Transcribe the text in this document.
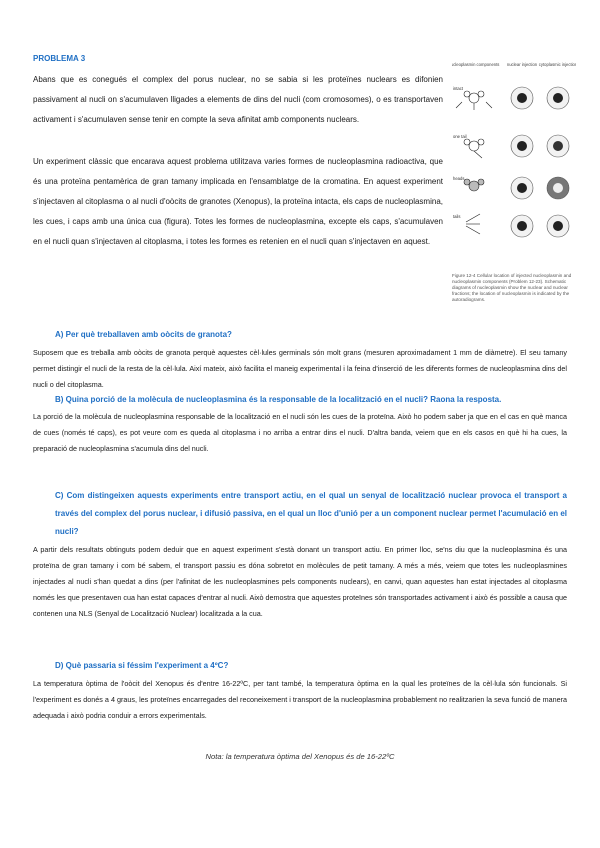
PROBLEMA 3

Abans que es conegués el complex del porus nuclear, no se sabia si les proteïnes nuclears es difonien passivament al nucli on s'acumulaven lligades a elements de dins del nucli (com cromosomes), o es transportaven activament i s'acumulaven sense tenir en compte la seva afinitat amb components nuclears.

Un experiment clàssic que encarava aquest problema utilitzava varies formes de nucleoplasmina radioactiva, que és una proteïna pentamèrica de gran tamany implicada en l'ensamblatge de la cromatina. En aquest experiment s'injectaven al citoplasma o al nucli d'oòcits de granotes (Xenopus), la proteïna intacta, els caps de nucleoplasmina, les cues, i caps amb una única cua (figura). Totes les formes de nucleoplasmina, excepte els caps, s'acumulaven en el nucli quan s'injectaven al citoplasma, i totes les formes es retenien en el nucli quan s'injectaven en aquest.

nucleoplasmin components nuclear injection cytoplasmic injection
intact
one tail
heads
tails

Figure 12-4 Cellular location of injected nucleoplasmin and nucleoplasmin components (Problem 12-23). Schematic diagrams of nucleoplasmin show the nuclear and nuclear fractions; the location of nucleoplasmin is indicated by the autoradiograms.

A) Per què treballaven amb oòcits de granota?

Suposem que es treballa amb oòcits de granota perquè aquestes cèl·lules germinals són molt grans (mesuren aproximadament 1 mm de diàmetre). El seu tamany permet distingir el nucli de la resta de la cèl·lula. Així mateix, això facilita el maneig experimental i la feina d'inserció de les diferents formes de nucleoplasmina dins del nucli o del citoplasma.

B) Quina porció de la molècula de nucleoplasmina és la responsable de la localització en el nucli? Raona la resposta.

La porció de la molècula de nucleoplasmina responsable de la localització en el nucli són les cues de la proteïna. Això ho podem saber ja que en el cas en què manca de cues (només té caps), es pot veure com es queda al citoplasma i no arriba a entrar dins el nucli. D'altra banda, veiem que en els casos en què hi ha cues, la preparació de nucleoplasmina s'acumula dins del nucli.

C) Com distingeixen aquests experiments entre transport actiu, en el qual un senyal de localització nuclear provoca el transport a través del complex del porus nuclear, i difusió passiva, en el qual un lloc d'unió per a un component nuclear permet l'acumulació en el nucli?

A partir dels resultats obtinguts podem deduir que en aquest experiment s'està donant un transport actiu. En primer lloc, se'ns diu que la nucleoplasmina és una proteïna de gran tamany i com bé sabem, el transport passiu es dóna sobretot en molècules de petit tamany. A més a més, veiem que totes les nucleoplasmines injectades al nucli s'han quedat a dins (per l'afinitat de les nucleoplasmines pels components nuclears), en canvi, quan aquestes han estat injectades al citoplasma només les que presentaven cua han estat capaces d'entrar al nucli. Això demostra que aquestes proteïnes són transportades activament i això és possible a causa que contenen una NLS (Senyal de Localització Nuclear) localitzada a la cua.

D) Què passaria si féssim l'experiment a 4ºC?

La temperatura òptima de l'oòcit del Xenopus és d'entre 16-22ºC, per tant també, la temperatura òptima en la qual les proteïnes de la cèl·lula són funcionals. Si l'experiment es donés a 4 graus, les proteïnes encarregades del reconeixement i transport de la nucleoplasmina probablement no realitzarien la seva funció de manera adequada i això podria conduir a errors experimentals.

Nota: la temperatura òptima del Xenopus és de 16-22ºC
